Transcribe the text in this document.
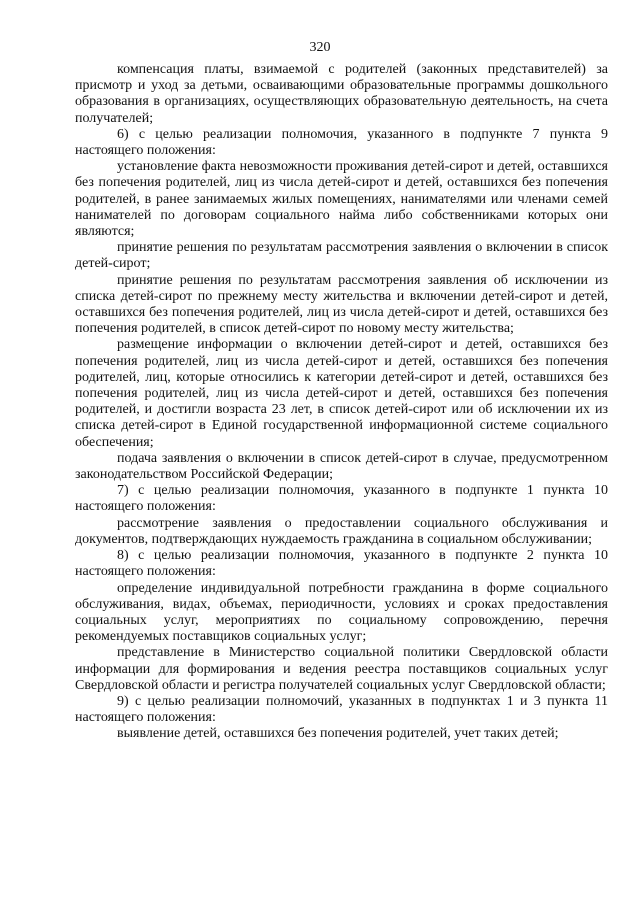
320

компенсация платы, взимаемой с родителей (законных представителей) за присмотр и уход за детьми, осваивающими образовательные программы дошкольного образования в организациях, осуществляющих образовательную деятельность, на счета получателей;

6) с целью реализации полномочия, указанного в подпункте 7 пункта 9 настоящего положения:

установление факта невозможности проживания детей-сирот и детей, оставшихся без попечения родителей, лиц из числа детей-сирот и детей, оставшихся без попечения родителей, в ранее занимаемых жилых помещениях, нанимателями или членами семей нанимателей по договорам социального найма либо собственниками которых они являются;

принятие решения по результатам рассмотрения заявления о включении в список детей-сирот;

принятие решения по результатам рассмотрения заявления об исключении из списка детей-сирот по прежнему месту жительства и включении детей-сирот и детей, оставшихся без попечения родителей, лиц из числа детей-сирот и детей, оставшихся без попечения родителей, в список детей-сирот по новому месту жительства;

размещение информации о включении детей-сирот и детей, оставшихся без попечения родителей, лиц из числа детей-сирот и детей, оставшихся без попечения родителей, лиц, которые относились к категории детей-сирот и детей, оставшихся без попечения родителей, лиц из числа детей-сирот и детей, оставшихся без попечения родителей, и достигли возраста 23 лет, в список детей-сирот или об исключении их из списка детей-сирот в Единой государственной информационной системе социального обеспечения;

подача заявления о включении в список детей-сирот в случае, предусмотренном законодательством Российской Федерации;

7) с целью реализации полномочия, указанного в подпункте 1 пункта 10 настоящего положения:

рассмотрение заявления о предоставлении социального обслуживания и документов, подтверждающих нуждаемость гражданина в социальном обслуживании;

8) с целью реализации полномочия, указанного в подпункте 2 пункта 10 настоящего положения:

определение индивидуальной потребности гражданина в форме социального обслуживания, видах, объемах, периодичности, условиях и сроках предоставления социальных услуг, мероприятиях по социальному сопровождению, перечня рекомендуемых поставщиков социальных услуг;

представление в Министерство социальной политики Свердловской области информации для формирования и ведения реестра поставщиков социальных услуг Свердловской области и регистра получателей социальных услуг Свердловской области;

9) с целью реализации полномочий, указанных в подпунктах 1 и 3 пункта 11 настоящего положения:

выявление детей, оставшихся без попечения родителей, учет таких детей;
